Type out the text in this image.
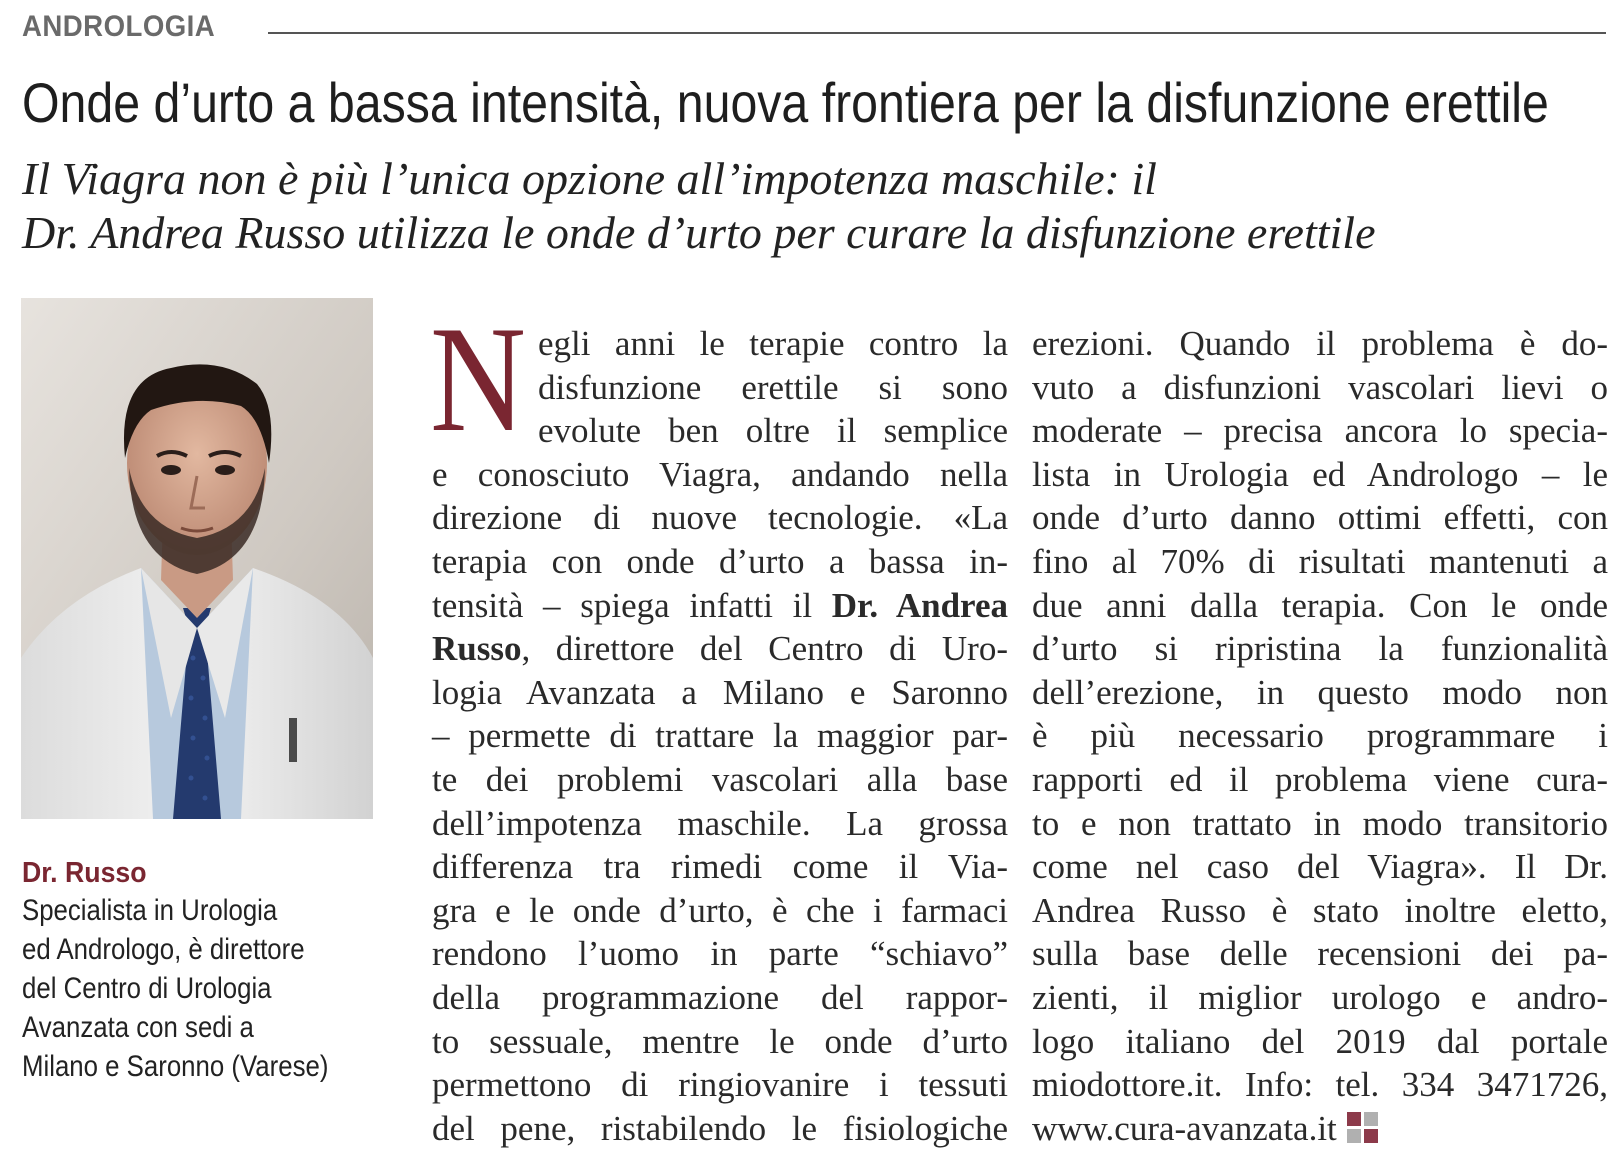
ANDROLOGIA
Onde d’urto a bassa intensità, nuova frontiera per la disfunzione erettile
Il Viagra non è più l’unica opzione all’impotenza maschile: il
Dr. Andrea Russo utilizza le onde d’urto per curare la disfunzione erettile
Dr. Russo
Specialista in Urologia
ed Andrologo, è direttore
del Centro di Urologia
Avanzata con sedi a
Milano e Saronno (Varese)
N egli anni le terapie contro la
disfunzione erettile si sono
evolute ben oltre il semplice
e conosciuto Viagra, andando nella
direzione di nuove tecnologie. «La
terapia con onde d’urto a bassa in-
tensità – spiega infatti il Dr. Andrea
Russo, direttore del Centro di Uro-
logia Avanzata a Milano e Saronno
– permette di trattare la maggior par-
te dei problemi vascolari alla base
dell’impotenza maschile. La grossa
differenza tra rimedi come il Via-
gra e le onde d’urto, è che i farmaci
rendono l’uomo in parte “schiavo”
della programmazione del rappor-
to sessuale, mentre le onde d’urto
permettono di ringiovanire i tessuti
del pene, ristabilendo le fisiologiche
erezioni. Quando il problema è do-
vuto a disfunzioni vascolari lievi o
moderate – precisa ancora lo specia-
lista in Urologia ed Andrologo – le
onde d’urto danno ottimi effetti, con
fino al 70% di risultati mantenuti a
due anni dalla terapia. Con le onde
d’urto si ripristina la funzionalità
dell’erezione, in questo modo non
è più necessario programmare i
rapporti ed il problema viene cura-
to e non trattato in modo transitorio
come nel caso del Viagra». Il Dr.
Andrea Russo è stato inoltre eletto,
sulla base delle recensioni dei pa-
zienti, il miglior urologo e andro-
logo italiano del 2019 dal portale
miodottore.it. Info: tel. 334 3471726,
www.cura-avanzata.it
